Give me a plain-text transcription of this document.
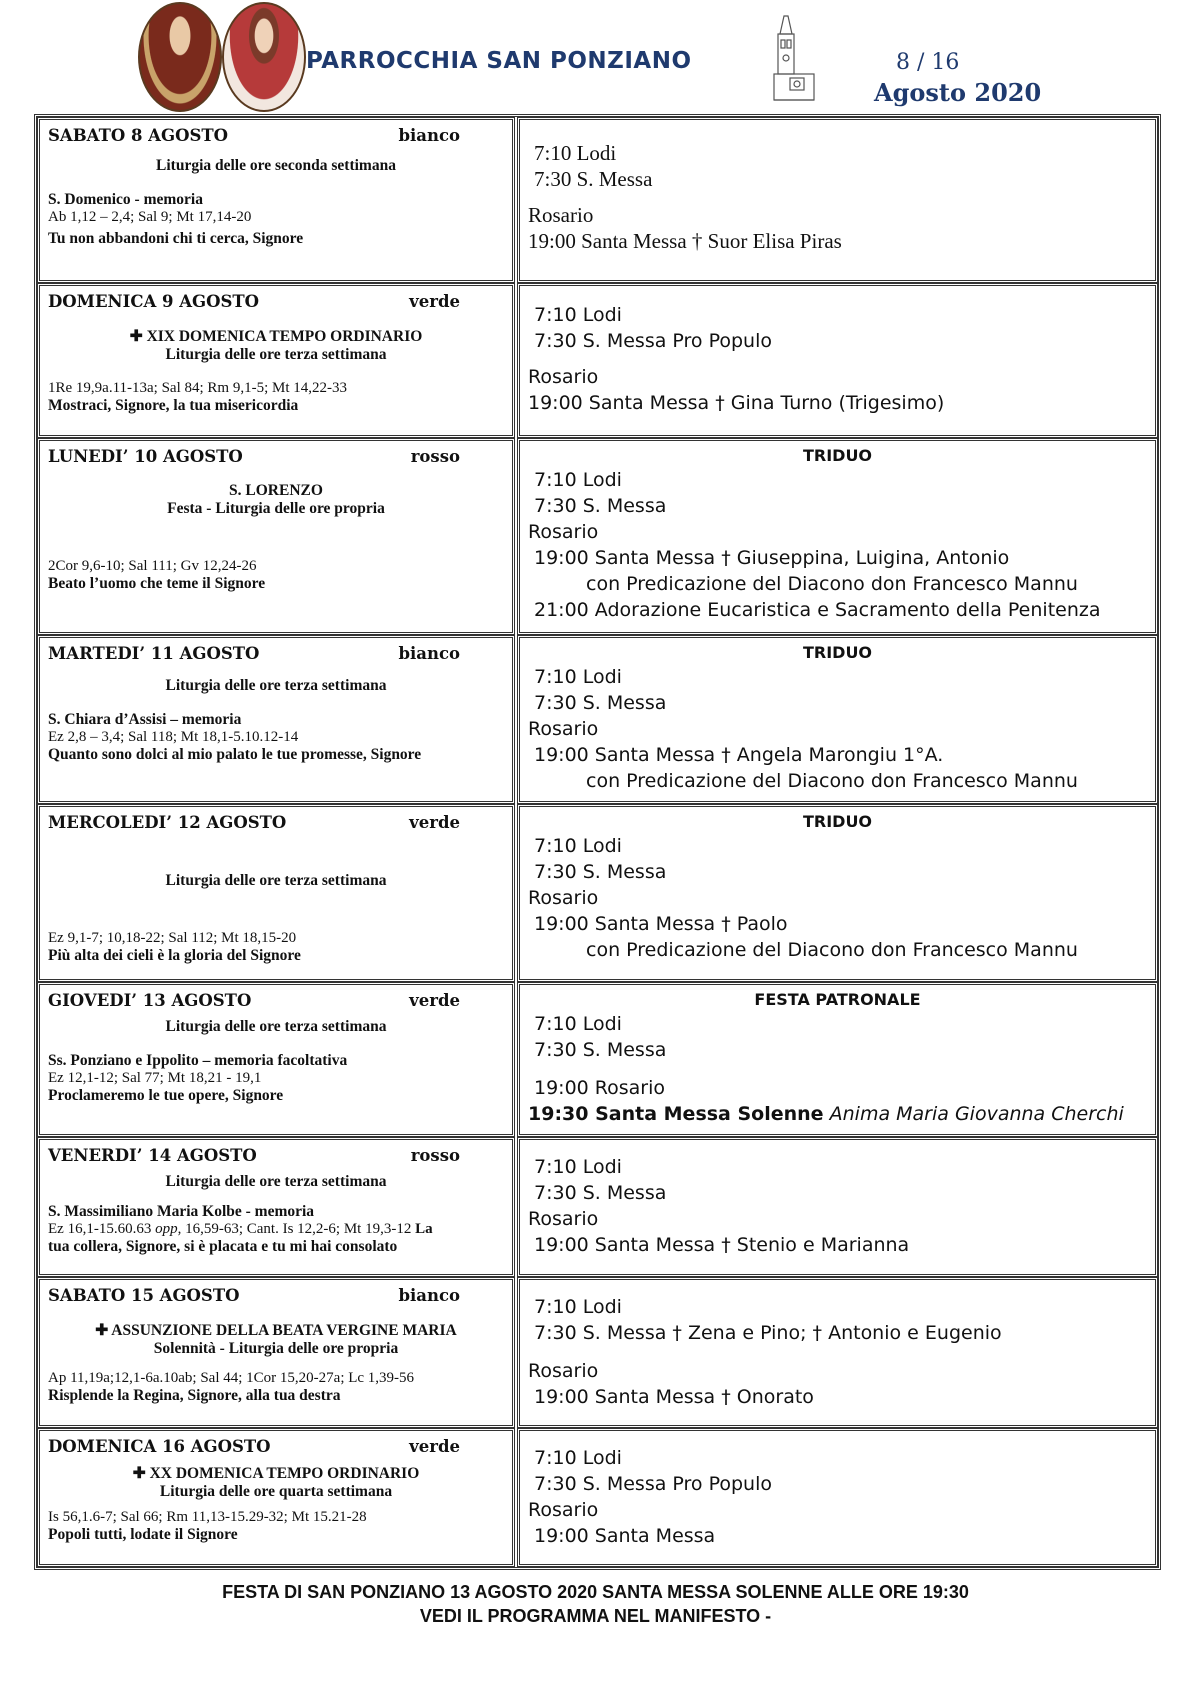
PARROCCHIA SAN PONZIANO	8 / 16
Agosto 2020
SABATO 8 AGOSTO	bianco
Liturgia delle ore seconda settimana
S. Domenico - memoria
Ab 1,12 – 2,4; Sal 9; Mt 17,14-20
Tu non abbandoni chi ti cerca, Signore
7:10 Lodi
7:30 S. Messa
Rosario
19:00 Santa Messa † Suor Elisa Piras
DOMENICA 9 AGOSTO	verde
✚ XIX DOMENICA TEMPO ORDINARIO
Liturgia delle ore terza settimana
1Re 19,9a.11-13a; Sal 84; Rm 9,1-5; Mt 14,22-33
Mostraci, Signore, la tua misericordia
7:10 Lodi
7:30 S. Messa Pro Populo
Rosario
19:00 Santa Messa † Gina Turno (Trigesimo)
LUNEDI’ 10 AGOSTO	rosso
S. LORENZO
Festa - Liturgia delle ore propria
2Cor 9,6-10; Sal 111; Gv 12,24-26
Beato l’uomo che teme il Signore
TRIDUO
7:10 Lodi
7:30 S. Messa
Rosario
19:00 Santa Messa † Giuseppina, Luigina, Antonio
con Predicazione del Diacono don Francesco Mannu
21:00 Adorazione Eucaristica e Sacramento della Penitenza
MARTEDI’ 11 AGOSTO	bianco
Liturgia delle ore terza settimana
S. Chiara d’Assisi – memoria
Ez 2,8 – 3,4; Sal 118; Mt 18,1-5.10.12-14
Quanto sono dolci al mio palato le tue promesse, Signore
TRIDUO
7:10 Lodi
7:30 S. Messa
Rosario
19:00 Santa Messa † Angela Marongiu 1°A.
con Predicazione del Diacono don Francesco Mannu
MERCOLEDI’ 12 AGOSTO	verde
Liturgia delle ore terza settimana
Ez 9,1-7; 10,18-22; Sal 112; Mt 18,15-20
Più alta dei cieli è la gloria del Signore
TRIDUO
7:10 Lodi
7:30 S. Messa
Rosario
19:00 Santa Messa † Paolo
con Predicazione del Diacono don Francesco Mannu
GIOVEDI’ 13 AGOSTO	verde
Liturgia delle ore terza settimana
Ss. Ponziano e Ippolito – memoria facoltativa
Ez 12,1-12; Sal 77; Mt 18,21 - 19,1
Proclameremo le tue opere, Signore
FESTA PATRONALE
7:10 Lodi
7:30 S. Messa
19:00 Rosario
19:30 Santa Messa Solenne Anima Maria Giovanna Cherchi
VENERDI’ 14 AGOSTO	rosso
Liturgia delle ore terza settimana
S. Massimiliano Maria Kolbe - memoria
Ez 16,1-15.60.63 opp, 16,59-63; Cant. Is 12,2-6; Mt 19,3-12 La
tua collera, Signore, si è placata e tu mi hai consolato
7:10 Lodi
7:30 S. Messa
Rosario
19:00 Santa Messa † Stenio e Marianna
SABATO 15 AGOSTO	bianco
✚ ASSUNZIONE DELLA BEATA VERGINE MARIA
Solennità - Liturgia delle ore propria
Ap 11,19a;12,1-6a.10ab; Sal 44; 1Cor 15,20-27a; Lc 1,39-56
Risplende la Regina, Signore, alla tua destra
7:10 Lodi
7:30 S. Messa † Zena e Pino; † Antonio e Eugenio
Rosario
19:00 Santa Messa † Onorato
DOMENICA 16 AGOSTO	verde
✚ XX DOMENICA TEMPO ORDINARIO
Liturgia delle ore quarta settimana
Is 56,1.6-7; Sal 66; Rm 11,13-15.29-32; Mt 15.21-28
Popoli tutti, lodate il Signore
7:10 Lodi
7:30 S. Messa Pro Populo
Rosario
19:00 Santa Messa
FESTA DI SAN PONZIANO 13 AGOSTO 2020 SANTA MESSA SOLENNE ALLE ORE 19:30
VEDI IL PROGRAMMA NEL MANIFESTO -
